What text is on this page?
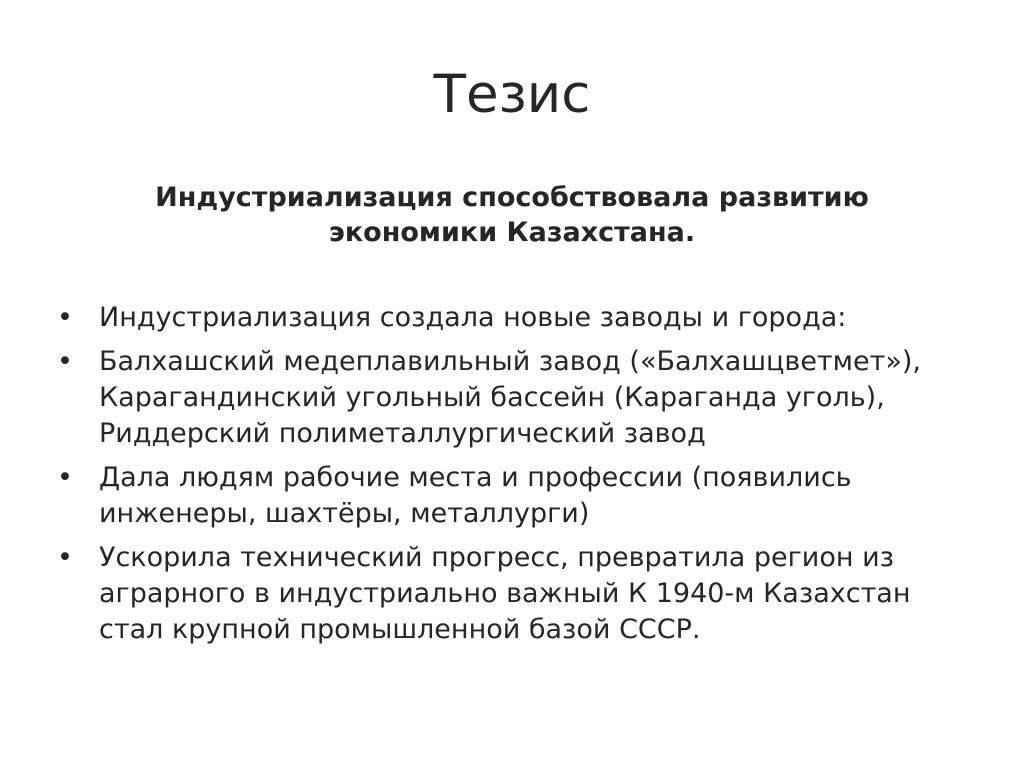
Тезис

Индустриализация способствовала развитию экономики Казахстана.

• Индустриализация создала новые заводы и города:
• Балхашский медеплавильный завод («Балхашцветмет»), Карагандинский угольный бассейн (Караганда уголь), Риддерский полиметаллургический завод
• Дала людям рабочие места и профессии (появились инженеры, шахтёры, металлурги)
• Ускорила технический прогресс, превратила регион из аграрного в индустриально важный К 1940-м Казахстан стал крупной промышленной базой СССР.
